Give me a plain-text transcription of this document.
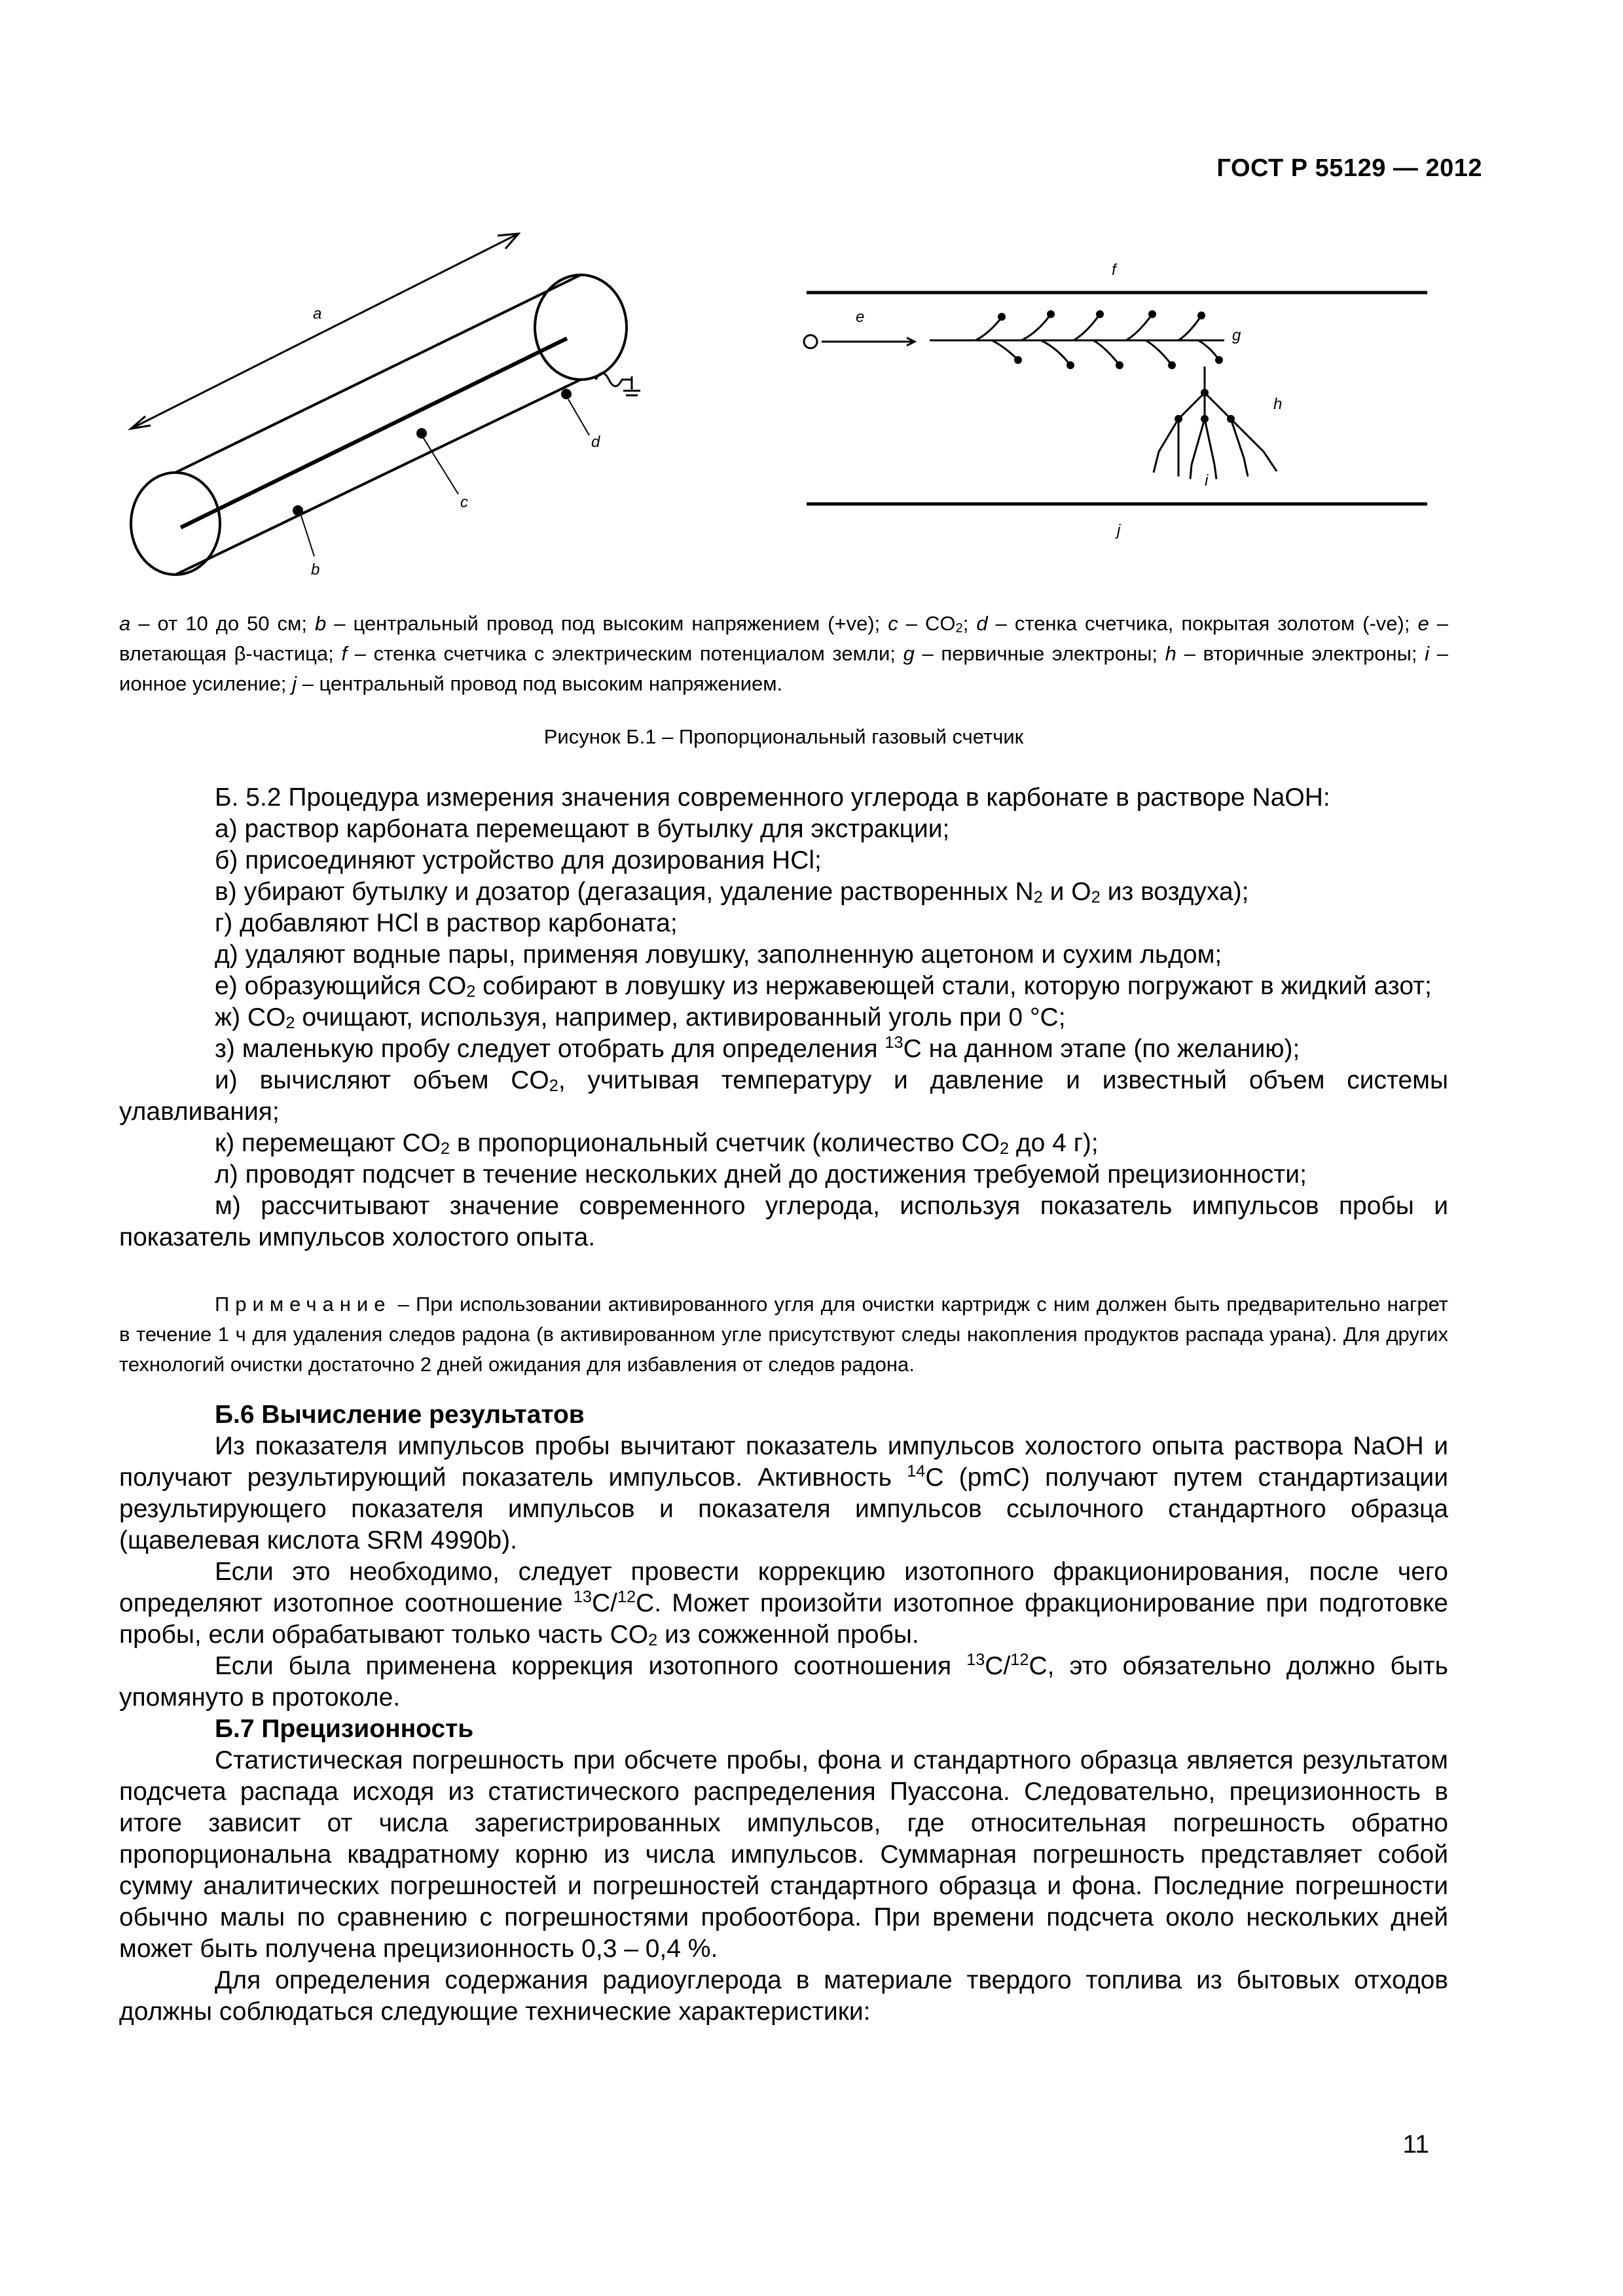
ГОСТ Р 55129 — 2012
a
b
c
d
e
f
g
h
i
j
a – от 10 до 50 см; b – центральный провод под высоким напряжением (+ve); c – $CO_2$; d – стенка счетчика, покрытая золотом (-ve); e – влетающая β-частица; f – стенка счетчика с электрическим потенциалом земли; g – первичные электроны; h – вторичные электроны; i – ионное усиление; j – центральный провод под высоким напряжением.
Рисунок Б.1 – Пропорциональный газовый счетчик

Б. 5.2 Процедура измерения значения современного углерода в карбонате в растворе NaOH:

а) раствор карбоната перемещают в бутылку для экстракции;

б) присоединяют устройство для дозирования HCl;

в) убирают бутылку и дозатор (дегазация, удаление растворенных $N_2$ и $O_2$ из воздуха);

г) добавляют HCl в раствор карбоната;

д) удаляют водные пары, применяя ловушку, заполненную ацетоном и сухим льдом;

е) образующийся $CO_2$ собирают в ловушку из нержавеющей стали, которую погружают в жидкий азот;

ж) $CO_2$ очищают, используя, например, активированный уголь при 0 °С;

з) маленькую пробу следует отобрать для определения $^{13}$C на данном этапе (по желанию);

и) вычисляют объем $CO_2$, учитывая температуру и давление и известный объем системы улавливания;

к) перемещают $CO_2$ в пропорциональный счетчик (количество $CO_2$ до 4 г);

л) проводят подсчет в течение нескольких дней до достижения требуемой прецизионности;

м) рассчитывают значение современного углерода, используя показатель импульсов пробы и показатель импульсов холостого опыта.

Примечание – При использовании активированного угля для очистки картридж с ним должен быть предварительно нагрет в течение 1 ч для удаления следов радона (в активированном угле присутствуют следы накопления продуктов распада урана). Для других технологий очистки достаточно 2 дней ожидания для избавления от следов радона.

Б.6 Вычисление результатов

Из показателя импульсов пробы вычитают показатель импульсов холостого опыта раствора NaOH и получают результирующий показатель импульсов. Активность $^{14}$C (pmC) получают путем стандартизации результирующего показателя импульсов и показателя импульсов ссылочного стандартного образца (щавелевая кислота SRM 4990b).

Если это необходимо, следует провести коррекцию изотопного фракционирования, после чего определяют изотопное соотношение $^{13}$C/$^{12}$C. Может произойти изотопное фракционирование при подготовке пробы, если обрабатывают только часть $CO_2$ из сожженной пробы.

Если была применена коррекция изотопного соотношения $^{13}$C/$^{12}$C, это обязательно должно быть упомянуто в протоколе.

Б.7 Прецизионность

Статистическая погрешность при обсчете пробы, фона и стандартного образца является результатом подсчета распада исходя из статистического распределения Пуассона. Следовательно, прецизионность в итоге зависит от числа зарегистрированных импульсов, где относительная погрешность обратно пропорциональна квадратному корню из числа импульсов. Суммарная погрешность представляет собой сумму аналитических погрешностей и погрешностей стандартного образца и фона. Последние погрешности обычно малы по сравнению с погрешностями пробоотбора. При времени подсчета около нескольких дней может быть получена прецизионность 0,3 – 0,4 %.

Для определения содержания радиоуглерода в материале твердого топлива из бытовых отходов должны соблюдаться следующие технические характеристики:

11
